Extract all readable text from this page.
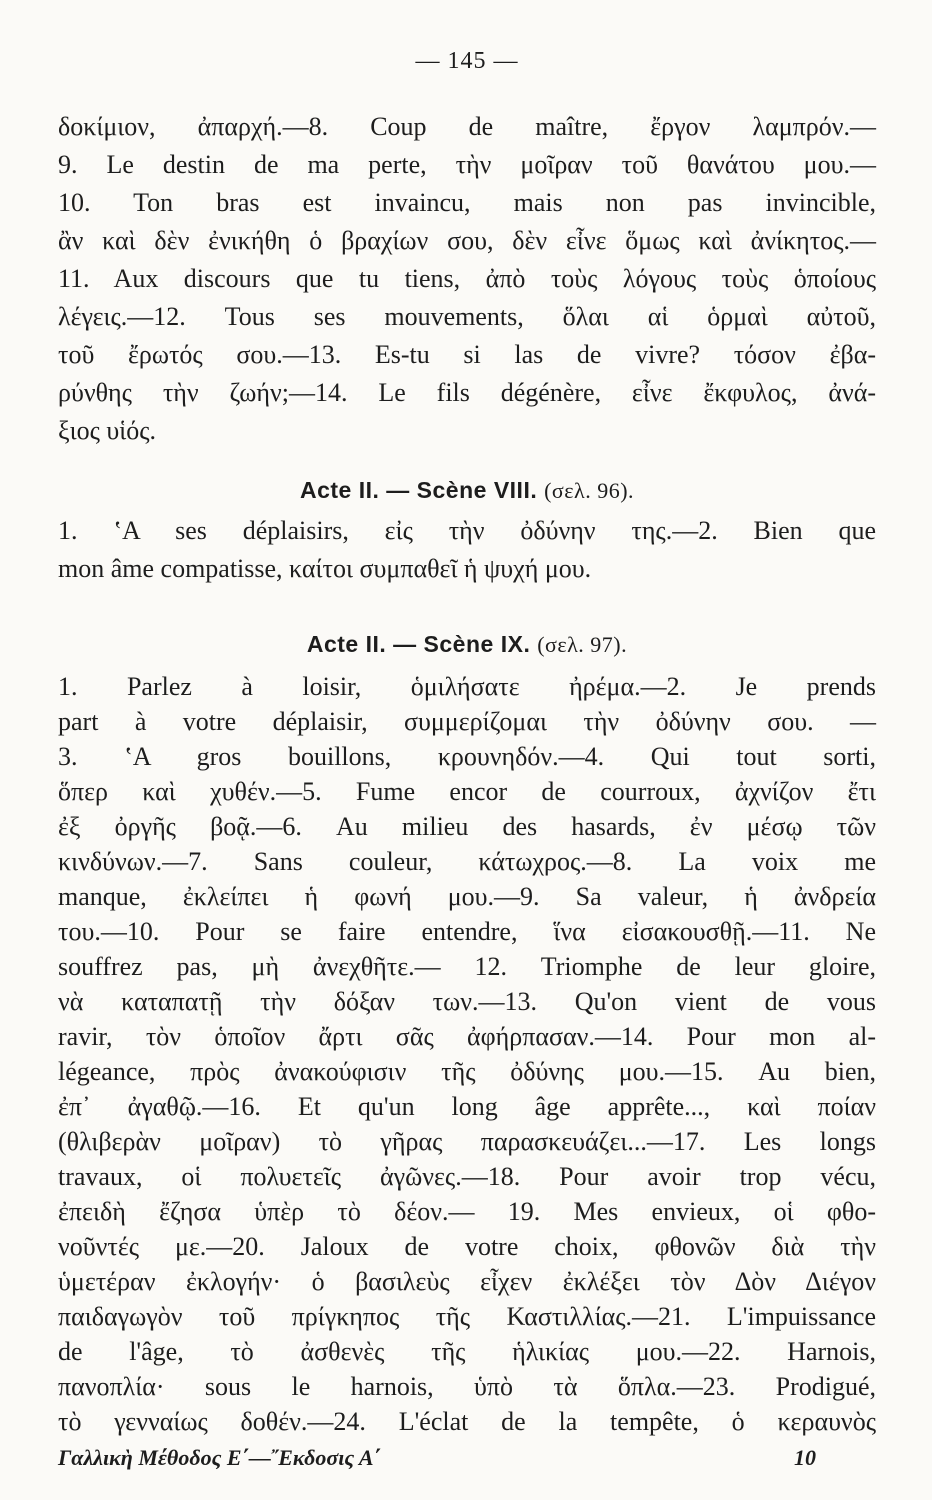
— 145 —
δοκίμιον, ἀπαρχή.—8. Coup de maître, ἔργον λαμπρόν.—
9. Le destin de ma perte, τὴν μοῖραν τοῦ θανάτου μου.—
10. Ton bras est invaincu, mais non pas invincible,
ἂν καὶ δὲν ἐνικήθη ὁ βραχίων σου, δὲν εἶνε ὅμως καὶ ἀνίκητος.—
11. Aux discours que tu tiens, ἀπὸ τοὺς λόγους τοὺς ὁποίους
λέγεις.—12. Tous ses mouvements, ὅλαι αἱ ὁρμαὶ αὐτοῦ,
τοῦ ἔρωτός σου.—13. Es-tu si las de vivre? τόσον ἐβα-
ρύνθης τὴν ζωήν;—14. Le fils dégénère, εἶνε ἔκφυλος, ἀνά-
ξιος υἱός.
Acte II. — Scène VIII. (σελ. 96).
1. ʽA ses déplaisirs, εἰς τὴν ὀδύνην της.—2. Bien que
mon âme compatisse, καίτοι συμπαθεῖ ἡ ψυχή μου.
Acte II. — Scène IX. (σελ. 97).
1. Parlez à loisir, ὁμιλήσατε ἠρέμα.—2. Je prends
part à votre déplaisir, συμμερίζομαι τὴν ὀδύνην σου. —
3. ʽA gros bouillons, κρουνηδόν.—4. Qui tout sorti,
ὅπερ καὶ χυθέν.—5. Fume encor de courroux, ἀχνίζον ἔτι
ἐξ ὀργῆς βοᾷ.—6. Au milieu des hasards, ἐν μέσῳ τῶν
κινδύνων.—7. Sans couleur, κάτωχρος.—8. La voix me
manque, ἐκλείπει ἡ φωνή μου.—9. Sa valeur, ἡ ἀνδρεία
του.—10. Pour se faire entendre, ἵνα εἰσακουσθῇ.—11. Ne
souffrez pas, μὴ ἀνεχθῆτε.— 12. Triomphe de leur gloire,
νὰ καταπατῇ τὴν δόξαν των.—13. Qu'on vient de vous
ravir, τὸν ὁποῖον ἄρτι σᾶς ἀφήρπασαν.—14. Pour mon al-
légeance, πρὸς ἀνακούφισιν τῆς ὀδύνης μου.—15. Au bien,
ἐπ᾽ ἀγαθῷ.—16. Et qu'un long âge apprête..., καὶ ποίαν
(θλιβερὰν μοῖραν) τὸ γῆρας παρασκευάζει...—17. Les longs
travaux, οἱ πολυετεῖς ἀγῶνες.—18. Pour avoir trop vécu,
ἐπειδὴ ἔζησα ὑπὲρ τὸ δέον.— 19. Mes envieux, οἱ φθο-
νοῦντές με.—20. Jaloux de votre choix, φθονῶν διὰ τὴν
ὑμετέραν ἐκλογήν· ὁ βασιλεὺς εἶχεν ἐκλέξει τὸν Δὸν Διέγον
παιδαγωγὸν τοῦ πρίγκηπος τῆς Καστιλλίας.—21. L'impuissance
de l'âge, τὸ ἀσθενὲς τῆς ἡλικίας μου.—22. Harnois,
πανοπλία· sous le harnois, ὑπὸ τὰ ὅπλα.—23. Prodigué,
Γαλλικὴ Μέθοδος Ε΄—῎Εκδοσις Α΄	10
τὸ γενναίως δοθέν.—24. L'éclat de la tempête, ὁ κεραυνὸς
